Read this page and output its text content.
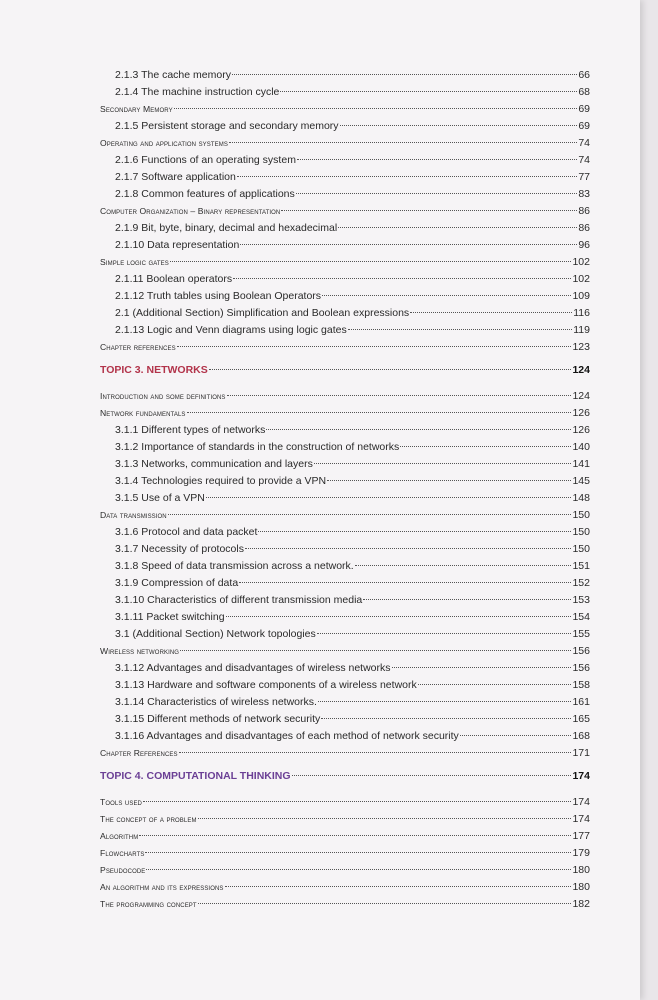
2.1.3 The cache memory	66
2.1.4 The machine instruction cycle	68
Secondary Memory	69
2.1.5 Persistent storage and secondary memory	69
Operating and application systems	74
2.1.6 Functions of an operating system	74
2.1.7 Software application	77
2.1.8 Common features of applications	83
Computer Organization – Binary representation	86
2.1.9 Bit, byte, binary, decimal and hexadecimal	86
2.1.10 Data representation	96
Simple logic gates	102
2.1.11 Boolean operators	102
2.1.12 Truth tables using Boolean Operators	109
2.1 (Additional Section) Simplification and Boolean expressions	116
2.1.13 Logic and Venn diagrams using logic gates	119
Chapter references	123
TOPIC 3. NETWORKS	124
Introduction and some definitions	124
Network fundamentals	126
3.1.1 Different types of networks	126
3.1.2 Importance of standards in the construction of networks	140
3.1.3 Networks, communication and layers	141
3.1.4 Technologies required to provide a VPN	145
3.1.5 Use of a VPN	148
Data transmission	150
3.1.6 Protocol and data packet	150
3.1.7 Necessity of protocols	150
3.1.8 Speed of data transmission across a network.	151
3.1.9 Compression of data	152
3.1.10 Characteristics of different transmission media	153
3.1.11 Packet switching	154
3.1 (Additional Section) Network topologies	155
Wireless networking	156
3.1.12 Advantages and disadvantages of wireless networks	156
3.1.13 Hardware and software components of a wireless network	158
3.1.14 Characteristics of wireless networks.	161
3.1.15 Different methods of network security	165
3.1.16 Advantages and disadvantages of each method of network security	168
Chapter References	171
TOPIC 4. COMPUTATIONAL THINKING	174
Tools used	174
The concept of a problem	174
Algorithm	177
Flowcharts	179
Pseudocode	180
An algorithm and its expressions	180
The programming concept	182
